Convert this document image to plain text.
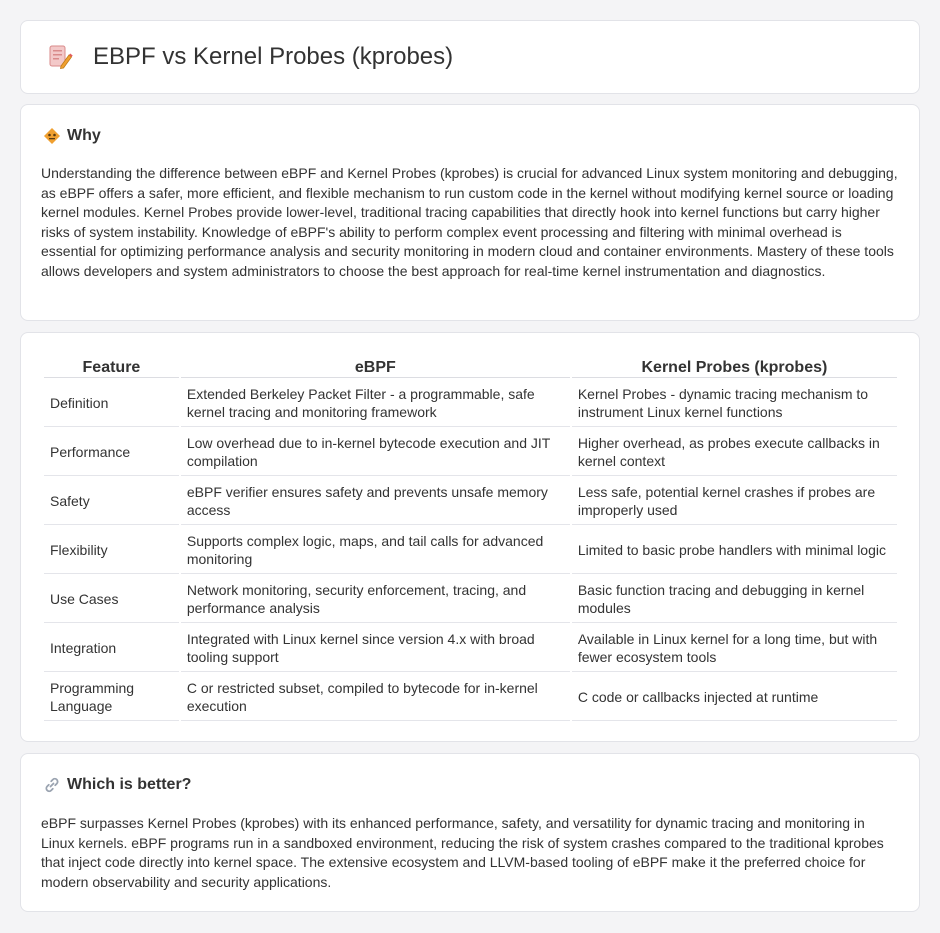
EBPF vs Kernel Probes (kprobes)
Why

Understanding the difference between eBPF and Kernel Probes (kprobes) is crucial for advanced Linux system monitoring and debugging, as eBPF offers a safer, more efficient, and flexible mechanism to run custom code in the kernel without modifying kernel source or loading kernel modules. Kernel Probes provide lower-level, traditional tracing capabilities that directly hook into kernel functions but carry higher risks of system instability. Knowledge of eBPF's ability to perform complex event processing and filtering with minimal overhead is essential for optimizing performance analysis and security monitoring in modern cloud and container environments. Mastery of these tools allows developers and system administrators to choose the best approach for real-time kernel instrumentation and diagnostics.

Feature	eBPF	Kernel Probes (kprobes)
Definition	Extended Berkeley Packet Filter - a programmable, safe kernel tracing and monitoring framework	Kernel Probes - dynamic tracing mechanism to instrument Linux kernel functions
Performance	Low overhead due to in-kernel bytecode execution and JIT compilation	Higher overhead, as probes execute callbacks in kernel context
Safety	eBPF verifier ensures safety and prevents unsafe memory access	Less safe, potential kernel crashes if probes are improperly used
Flexibility	Supports complex logic, maps, and tail calls for advanced monitoring	Limited to basic probe handlers with minimal logic
Use Cases	Network monitoring, security enforcement, tracing, and performance analysis	Basic function tracing and debugging in kernel modules
Integration	Integrated with Linux kernel since version 4.x with broad tooling support	Available in Linux kernel for a long time, but with fewer ecosystem tools
Programming Language	C or restricted subset, compiled to bytecode for in-kernel execution	C code or callbacks injected at runtime
Which is better?

eBPF surpasses Kernel Probes (kprobes) with its enhanced performance, safety, and versatility for dynamic tracing and monitoring in Linux kernels. eBPF programs run in a sandboxed environment, reducing the risk of system crashes compared to the traditional kprobes that inject code directly into kernel space. The extensive ecosystem and LLVM-based tooling of eBPF make it the preferred choice for modern observability and security applications.
